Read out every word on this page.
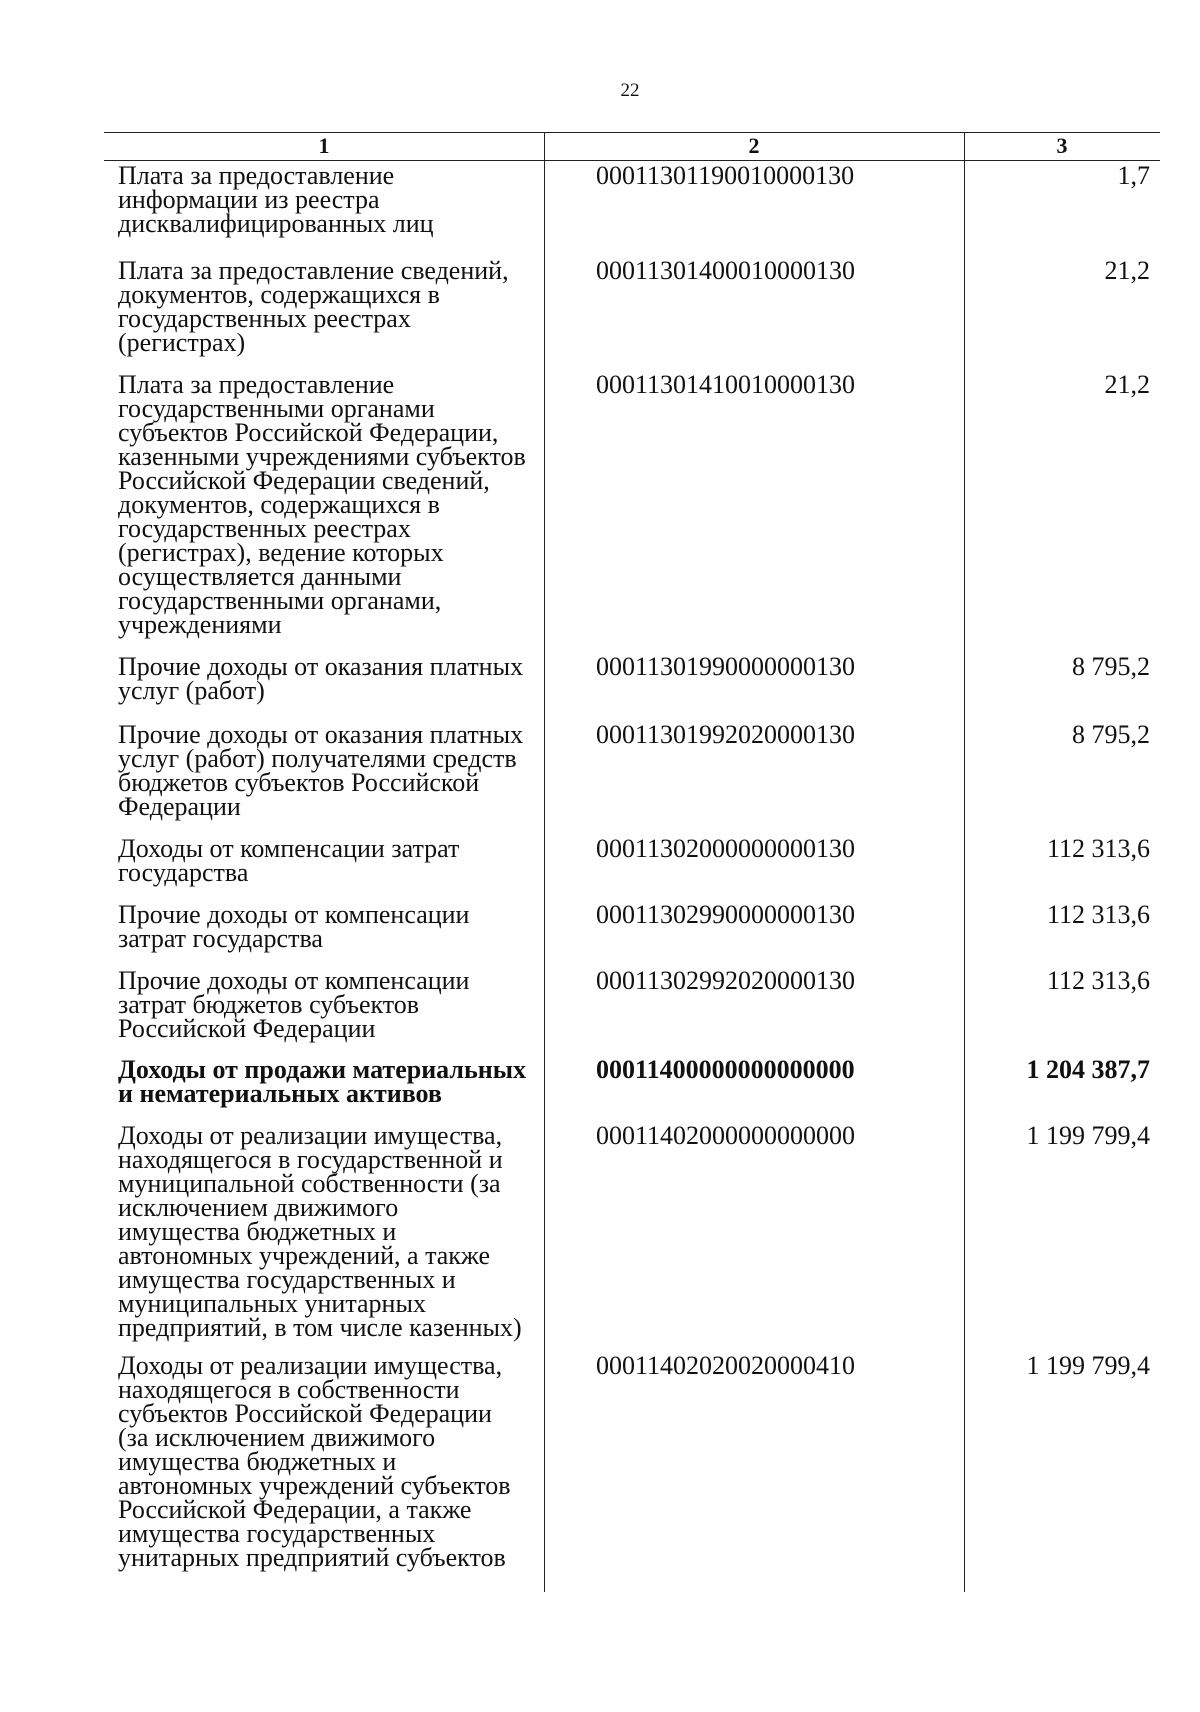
22
1	2	3
Плата за предоставление информации из реестра дисквалифицированных лиц
00011301190010000130	1,7
Плата за предоставление сведений, документов, содержащихся в государственных реестрах (регистрах)
00011301400010000130	21,2
Плата за предоставление государственными органами субъектов Российской Федерации, казенными учреждениями субъектов Российской Федерации сведений, документов, содержащихся в государственных реестрах (регистрах), ведение которых осуществляется данными государственными органами, учреждениями
00011301410010000130	21,2
Прочие доходы от оказания платных услуг (работ)
00011301990000000130	8 795,2
Прочие доходы от оказания платных услуг (работ) получателями средств бюджетов субъектов Российской Федерации
00011301992020000130	8 795,2
Доходы от компенсации затрат государства
00011302000000000130	112 313,6
Прочие доходы от компенсации затрат государства
00011302990000000130	112 313,6
Прочие доходы от компенсации затрат бюджетов субъектов Российской Федерации
00011302992020000130	112 313,6
Доходы от продажи материальных и нематериальных активов
00011400000000000000	1 204 387,7
Доходы от реализации имущества, находящегося в государственной и муниципальной собственности (за исключением движимого имущества бюджетных и автономных учреждений, а также имущества государственных и муниципальных унитарных предприятий, в том числе казенных)
00011402000000000000	1 199 799,4
Доходы от реализации имущества, находящегося в собственности субъектов Российской Федерации (за исключением движимого имущества бюджетных и автономных учреждений субъектов Российской Федерации, а также имущества государственных унитарных предприятий субъектов
00011402020020000410	1 199 799,4
